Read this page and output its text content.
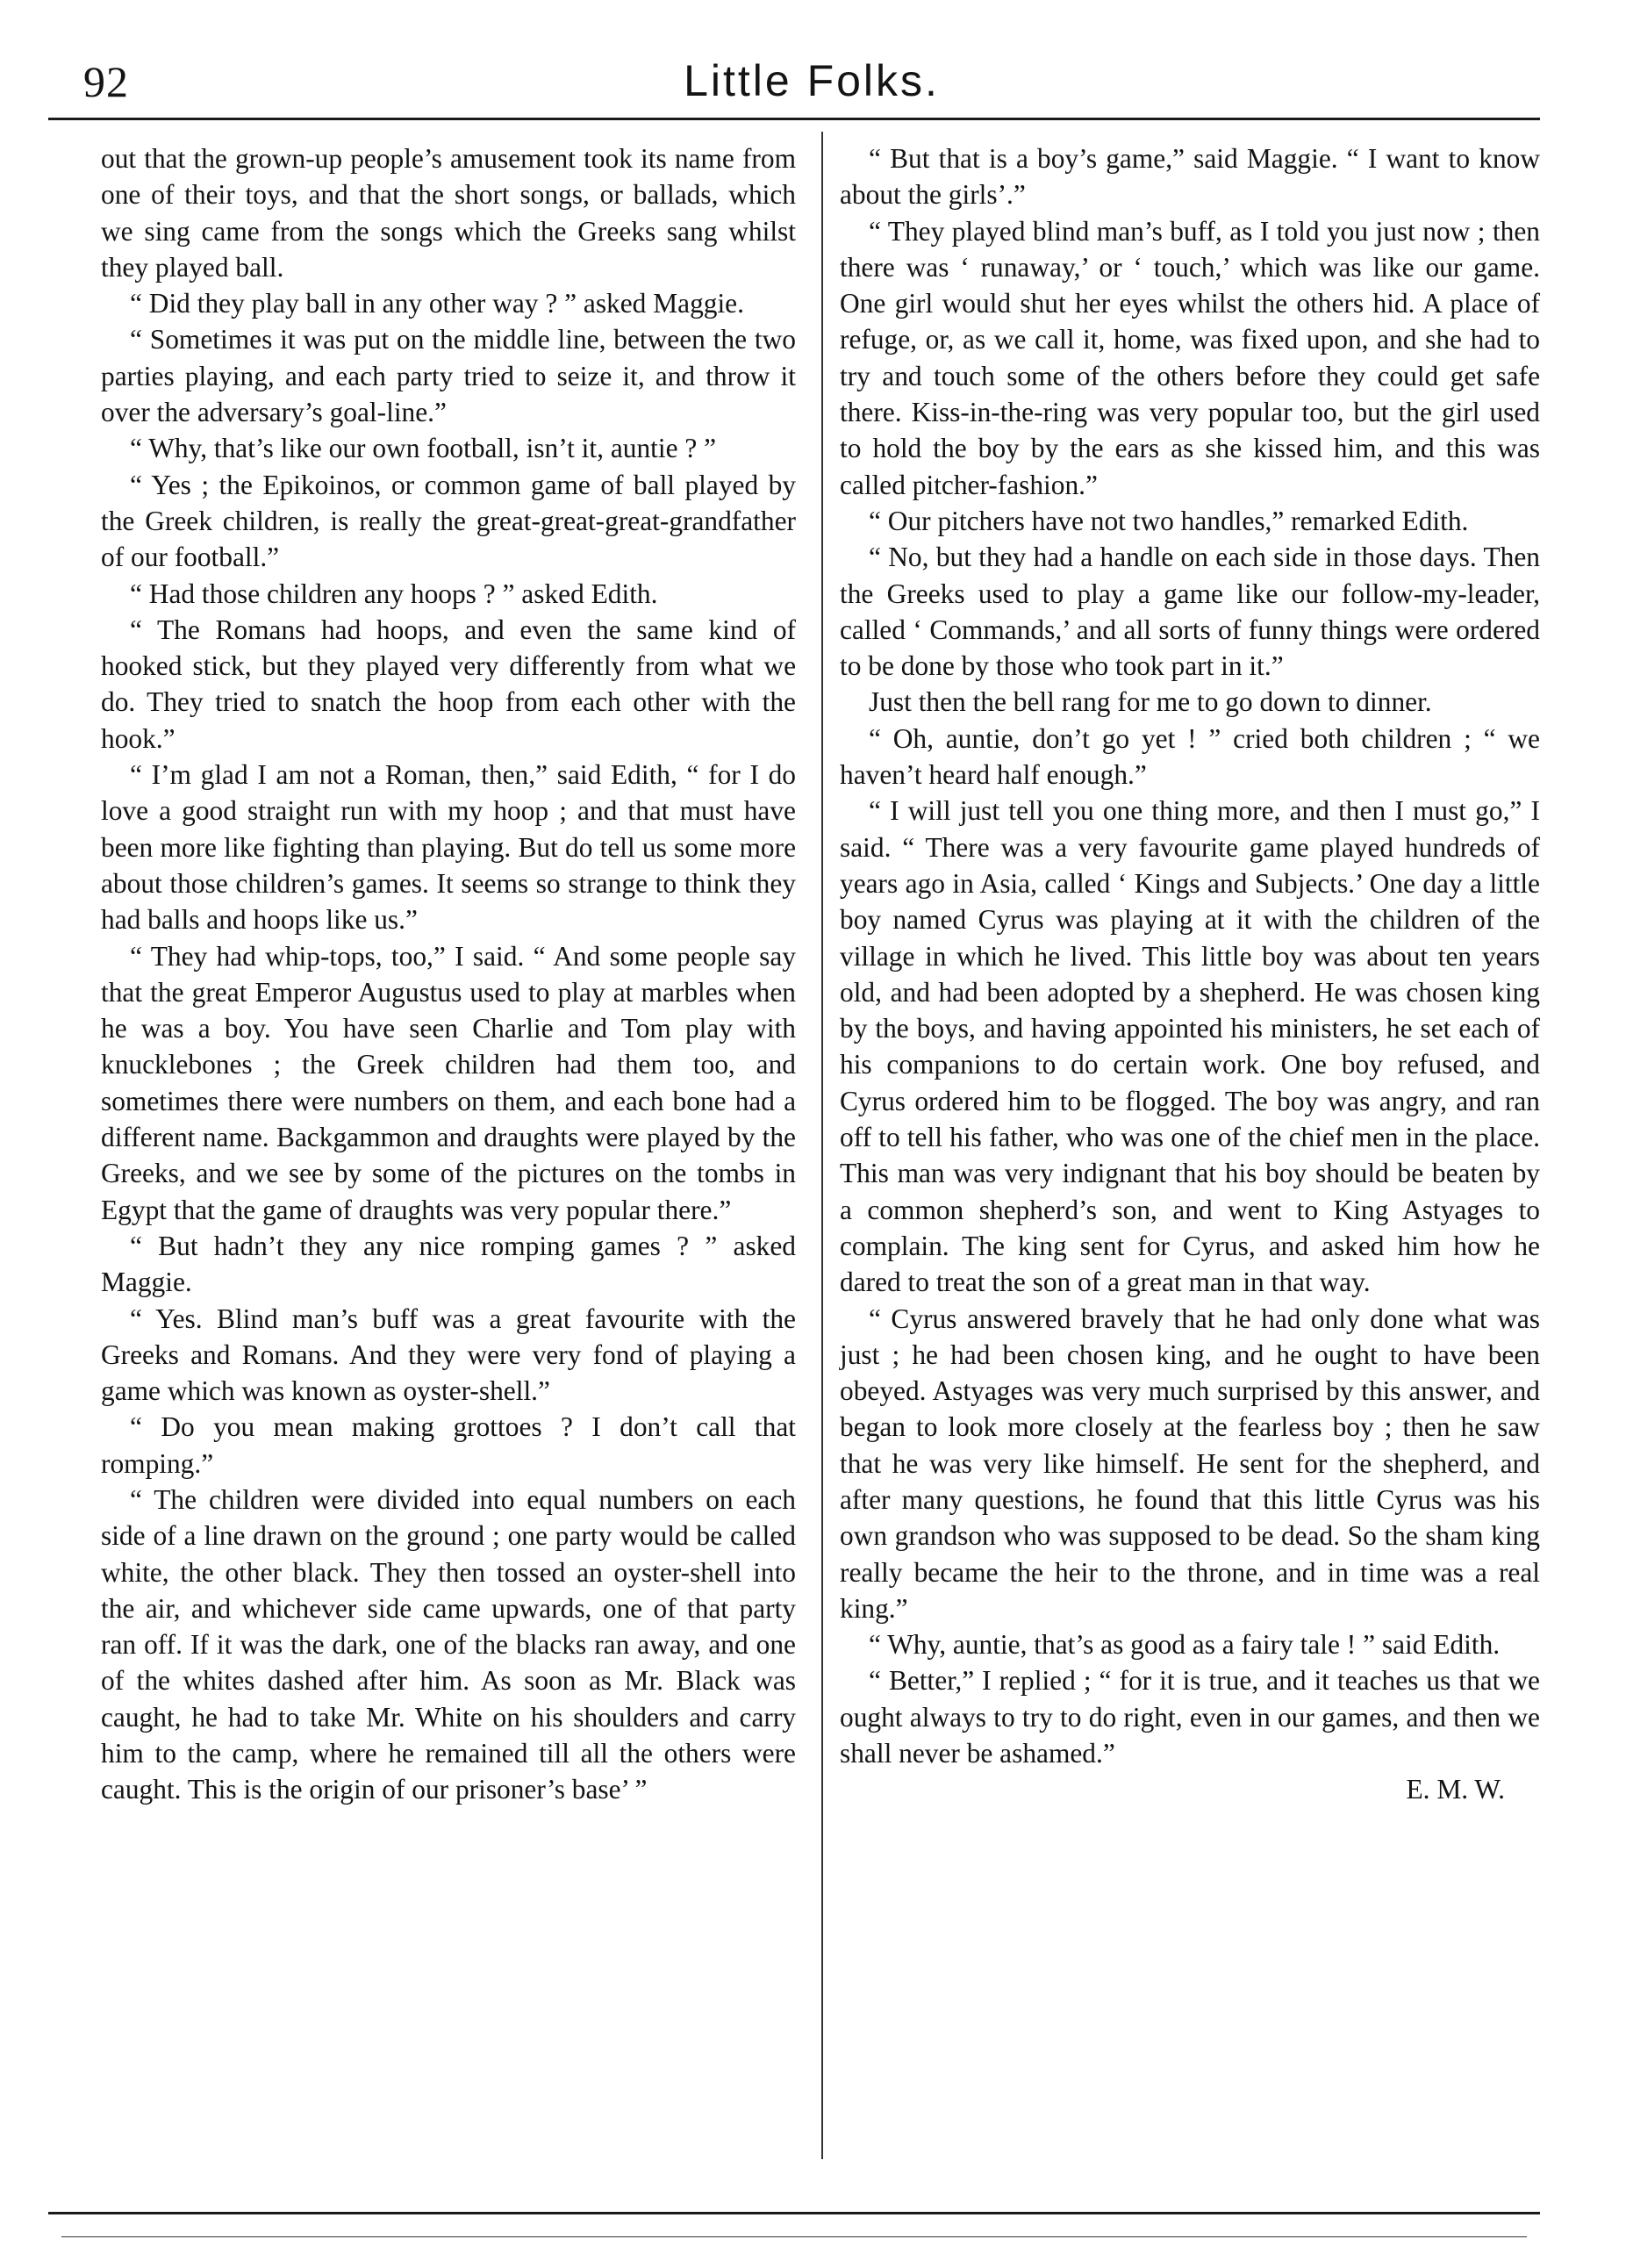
92	Little Folks.

out that the grown-up people’s amusement took its name from one of their toys, and that the short songs, or ballads, which we sing came from the songs which the Greeks sang whilst they played ball.

“ Did they play ball in any other way ? ” asked Maggie.

“ Sometimes it was put on the middle line, between the two parties playing, and each party tried to seize it, and throw it over the adversary’s goal-line.”

“ Why, that’s like our own football, isn’t it, auntie ? ”

“ Yes ; the Epikoinos, or common game of ball played by the Greek children, is really the great-great-great-grandfather of our football.”

“ Had those children any hoops ? ” asked Edith.

“ The Romans had hoops, and even the same kind of hooked stick, but they played very differently from what we do. They tried to snatch the hoop from each other with the hook.”

“ I’m glad I am not a Roman, then,” said Edith, “ for I do love a good straight run with my hoop ; and that must have been more like fighting than playing. But do tell us some more about those children’s games. It seems so strange to think they had balls and hoops like us.”

“ They had whip-tops, too,” I said. “ And some people say that the great Emperor Augustus used to play at marbles when he was a boy. You have seen Charlie and Tom play with knucklebones ; the Greek children had them too, and sometimes there were numbers on them, and each bone had a different name. Backgammon and draughts were played by the Greeks, and we see by some of the pictures on the tombs in Egypt that the game of draughts was very popular there.”

“ But hadn’t they any nice romping games ? ” asked Maggie.

“ Yes. Blind man’s buff was a great favourite with the Greeks and Romans. And they were very fond of playing a game which was known as oyster-shell.”

“ Do you mean making grottoes ? I don’t call that romping.”

“ The children were divided into equal numbers on each side of a line drawn on the ground ; one party would be called white, the other black. They then tossed an oyster-shell into the air, and whichever side came upwards, one of that party ran off. If it was the dark, one of the blacks ran away, and one of the whites dashed after him. As soon as Mr. Black was caught, he had to take Mr. White on his shoulders and carry him to the camp, where he remained till all the others were caught. This is the origin of our prisoner’s base’ ”

“ But that is a boy’s game,” said Maggie. “ I want to know about the girls’.”

“ They played blind man’s buff, as I told you just now ; then there was ‘ runaway,’ or ‘ touch,’ which was like our game. One girl would shut her eyes whilst the others hid. A place of refuge, or, as we call it, home, was fixed upon, and she had to try and touch some of the others before they could get safe there. Kiss-in-the-ring was very popular too, but the girl used to hold the boy by the ears as she kissed him, and this was called pitcher-fashion.”

“ Our pitchers have not two handles,” remarked Edith.

“ No, but they had a handle on each side in those days. Then the Greeks used to play a game like our follow-my-leader, called ‘ Commands,’ and all sorts of funny things were ordered to be done by those who took part in it.”

Just then the bell rang for me to go down to dinner.

“ Oh, auntie, don’t go yet ! ” cried both children ; “ we haven’t heard half enough.”

“ I will just tell you one thing more, and then I must go,” I said. “ There was a very favourite game played hundreds of years ago in Asia, called ‘ Kings and Subjects.’ One day a little boy named Cyrus was playing at it with the children of the village in which he lived. This little boy was about ten years old, and had been adopted by a shepherd. He was chosen king by the boys, and having appointed his ministers, he set each of his companions to do certain work. One boy refused, and Cyrus ordered him to be flogged. The boy was angry, and ran off to tell his father, who was one of the chief men in the place. This man was very indignant that his boy should be beaten by a common shepherd’s son, and went to King Astyages to complain. The king sent for Cyrus, and asked him how he dared to treat the son of a great man in that way.

“ Cyrus answered bravely that he had only done what was just ; he had been chosen king, and he ought to have been obeyed. Astyages was very much surprised by this answer, and began to look more closely at the fearless boy ; then he saw that he was very like himself. He sent for the shepherd, and after many questions, he found that this little Cyrus was his own grandson who was supposed to be dead. So the sham king really became the heir to the throne, and in time was a real king.”

“ Why, auntie, that’s as good as a fairy tale ! ” said Edith.

“ Better,” I replied ; “ for it is true, and it teaches us that we ought always to try to do right, even in our games, and then we shall never be ashamed.”

E. M. W.
